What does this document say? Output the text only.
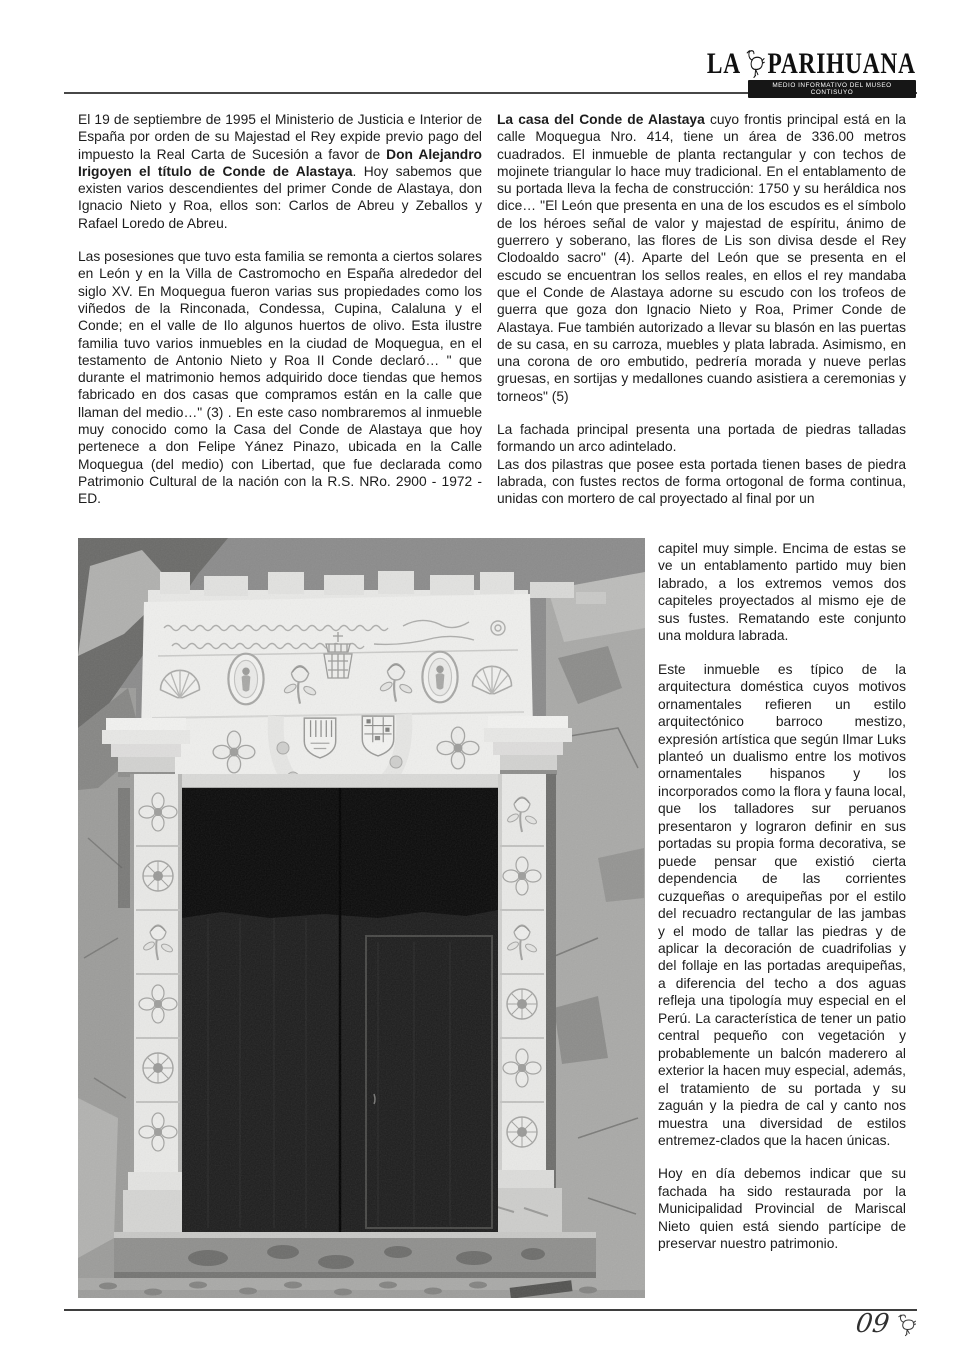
LA PARIHUANA
MEDIO INFORMATIVO DEL MUSEO CONTISUYO

El 19 de septiembre de 1995 el Ministerio de Justicia e Interior de España por orden de su Majestad el Rey expide previo pago del impuesto la Real Carta de Sucesión a favor de Don Alejandro Irigoyen el título de Conde de Alastaya. Hoy sabemos que existen varios descendientes del primer Conde de Alastaya, don Ignacio Nieto y Roa, ellos son: Carlos de Abreu y Zeballos y Rafael Loredo de Abreu.

Las posesiones que tuvo esta familia se remonta a ciertos solares en León y en la Villa de Castromocho en España alrededor del siglo XV. En Moquegua fueron varias sus propiedades como los viñedos de la Rinconada, Condessa, Cupina, Calaluna y el Conde; en el valle de Ilo algunos huertos de olivo. Esta ilustre familia tuvo varios inmuebles en la ciudad de Moquegua, en el testamento de Antonio Nieto y Roa II Conde declaró… " que durante el matrimonio hemos adquirido doce tiendas que hemos fabricado en dos casas que compramos están en la calle que llaman del medio…" (3) . En este caso nombraremos al inmueble muy conocido como la Casa del Conde de Alastaya que hoy pertenece a don Felipe Yánez Pinazo, ubicada en la Calle Moquegua (del medio) con Libertad, que fue declarada como Patrimonio Cultural de la nación con la R.S. NRo. 2900 - 1972 - ED.

La casa del Conde de Alastaya cuyo frontis principal está en la calle Moquegua Nro. 414, tiene un área de 336.00 metros cuadrados. El inmueble de planta rectangular y con techos de mojinete triangular lo hace muy tradicional. En el entablamento de su portada lleva la fecha de construcción: 1750 y su heráldica nos dice… "El León que presenta en una de los escudos es el símbolo de los héroes señal de valor y majestad de espíritu, ánimo de guerrero y soberano, las flores de Lis son divisa desde el Rey Clodoaldo sacro" (4). Aparte del León que se presenta en el escudo se encuentran los sellos reales, en ellos el rey mandaba que el Conde de Alastaya adorne su escudo con los trofeos de guerra que goza don Ignacio Nieto y Roa, Primer Conde de Alastaya. Fue también autorizado a llevar su blasón en las puertas de su casa, en su carroza, muebles y plata labrada. Asimismo, en una corona de oro embutido, pedrería morada y nueve perlas gruesas, en sortijas y medallones cuando asistiera a ceremonias y torneos" (5)

La fachada principal presenta una portada de piedras talladas formando un arco adintelado.

Las dos pilastras que posee esta portada tienen bases de piedra labrada, con fustes rectos de forma ortogonal de forma continua, unidas con mortero de cal proyectado al final por un

capitel muy simple. Encima de estas se ve un entablamento partido muy bien labrado, a los extremos vemos dos capiteles proyectados al mismo eje de sus fustes. Rematando este conjunto una moldura labrada.

Este inmueble es típico de la arquitectura doméstica cuyos motivos ornamentales refieren un estilo arquitectónico barroco mestizo, expresión artística que según Ilmar Luks planteó un dualismo entre los motivos ornamentales hispanos y los incorporados como la flora y fauna local, que los talladores sur peruanos presentaron y lograron definir en sus portadas su propia forma decorativa, se puede pensar que existió cierta dependencia de las corrientes cuzqueñas o arequipeñas por el estilo del recuadro rectangular de las jambas y el modo de tallar las piedras y de aplicar la decoración de cuadrifolias y del follaje en las portadas arequipeñas, a diferencia del techo a dos aguas refleja una tipología muy especial en el Perú. La característica de tener un patio central pequeño con vegetación y probablemente un balcón maderero al exterior la hacen muy especial, además, el tratamiento de su portada y su zaguán y la piedra de cal y canto nos muestra una diversidad de estilos entremez-clados que la hacen únicas.

Hoy en día debemos indicar que su fachada ha sido restaurada por la Municipalidad Provincial de Mariscal Nieto quien está siendo partícipe de preservar nuestro patrimonio.

09
